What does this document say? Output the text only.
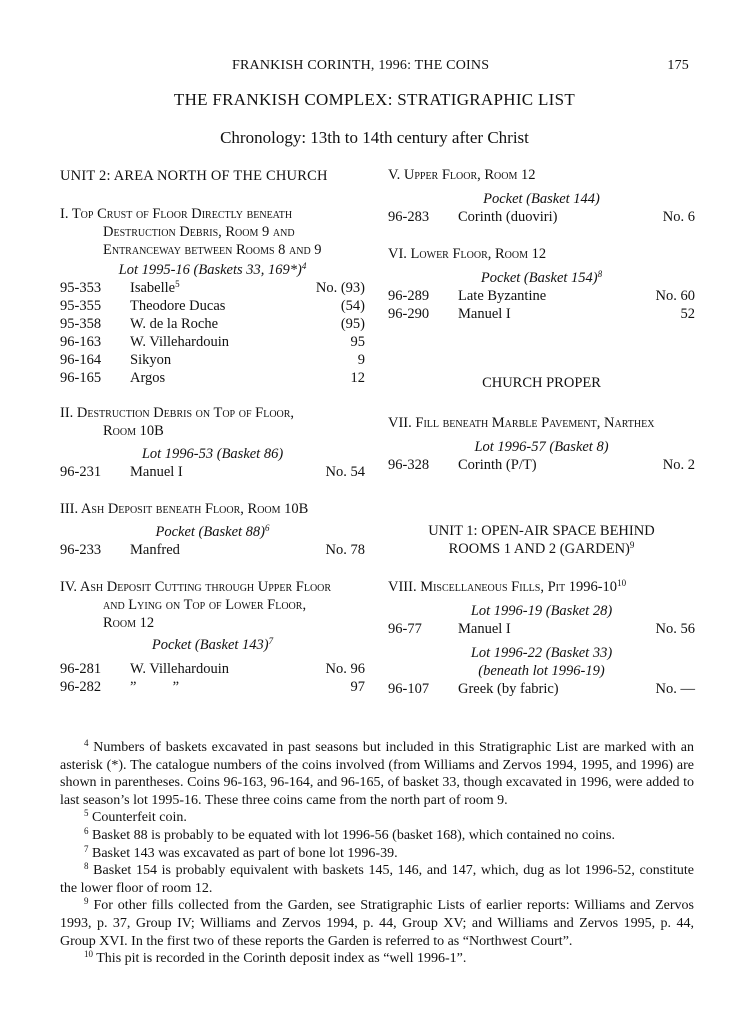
FRANKISH CORINTH, 1996: THE COINS	175
THE FRANKISH COMPLEX: STRATIGRAPHIC LIST
Chronology: 13th to 14th century after Christ
UNIT 2: AREA NORTH OF THE CHURCH
I. Top Crust of Floor Directly beneath
Destruction Debris, Room 9 and
Entranceway between Rooms 8 and 9
Lot 1995-16 (Baskets 33, 169*)$^4$
95-353 Isabelle$^5$	No. (93)
95-355 Theodore Ducas	(54)
95-358 W. de la Roche	(95)
96-163 W. Villehardouin	95
96-164 Sikyon	9
96-165 Argos	12
II. Destruction Debris on Top of Floor,
Room 10B
Lot 1996-53 (Basket 86)
96-231 Manuel I	No. 54
III. Ash Deposit beneath Floor, Room 10B
Pocket (Basket 88)$^6$
96-233 Manfred	No. 78
IV. Ash Deposit Cutting through Upper Floor
and Lying on Top of Lower Floor,
Room 12
Pocket (Basket 143)$^7$
96-281 W. Villehardouin	No. 96
96-282 ”          ”	97
V. Upper Floor, Room 12
Pocket (Basket 144)
96-283 Corinth (duoviri)	No. 6
VI. Lower Floor, Room 12
Pocket (Basket 154)$^8$
96-289 Late Byzantine	No. 60
96-290 Manuel I	52
CHURCH PROPER
VII. Fill beneath Marble Pavement, Narthex
Lot 1996-57 (Basket 8)
96-328 Corinth (P/T)	No. 2
UNIT 1: OPEN-AIR SPACE BEHIND
ROOMS 1 AND 2 (GARDEN)$^9$
VIII. Miscellaneous Fills, Pit $1996-10^{10}$
Lot 1996-19 (Basket 28)
96-77 Manuel I	No. 56
Lot 1996-22 (Basket 33)
(beneath lot 1996-19)
96-107 Greek (by fabric)	No. —

$^4$ Numbers of baskets excavated in past seasons but included in this Stratigraphic List are marked with an asterisk (*). The catalogue numbers of the coins involved (from Williams and Zervos 1994, 1995, and 1996) are shown in parentheses. Coins 96-163, 96-164, and 96-165, of basket 33, though excavated in 1996, were added to last season’s lot 1995-16. These three coins came from the north part of room 9.

$^5$ Counterfeit coin.

$^6$ Basket 88 is probably to be equated with lot 1996-56 (basket 168), which contained no coins.

$^7$ Basket 143 was excavated as part of bone lot 1996-39.

$^8$ Basket 154 is probably equivalent with baskets 145, 146, and 147, which, dug as lot 1996-52, constitute the lower floor of room 12.

$^9$ For other fills collected from the Garden, see Stratigraphic Lists of earlier reports: Williams and Zervos 1993, p. 37, Group IV; Williams and Zervos 1994, p. 44, Group XV; and Williams and Zervos 1995, p. 44, Group XVI. In the first two of these reports the Garden is referred to as “Northwest Court”.

$^{10}$ This pit is recorded in the Corinth deposit index as “well 1996-1”.
